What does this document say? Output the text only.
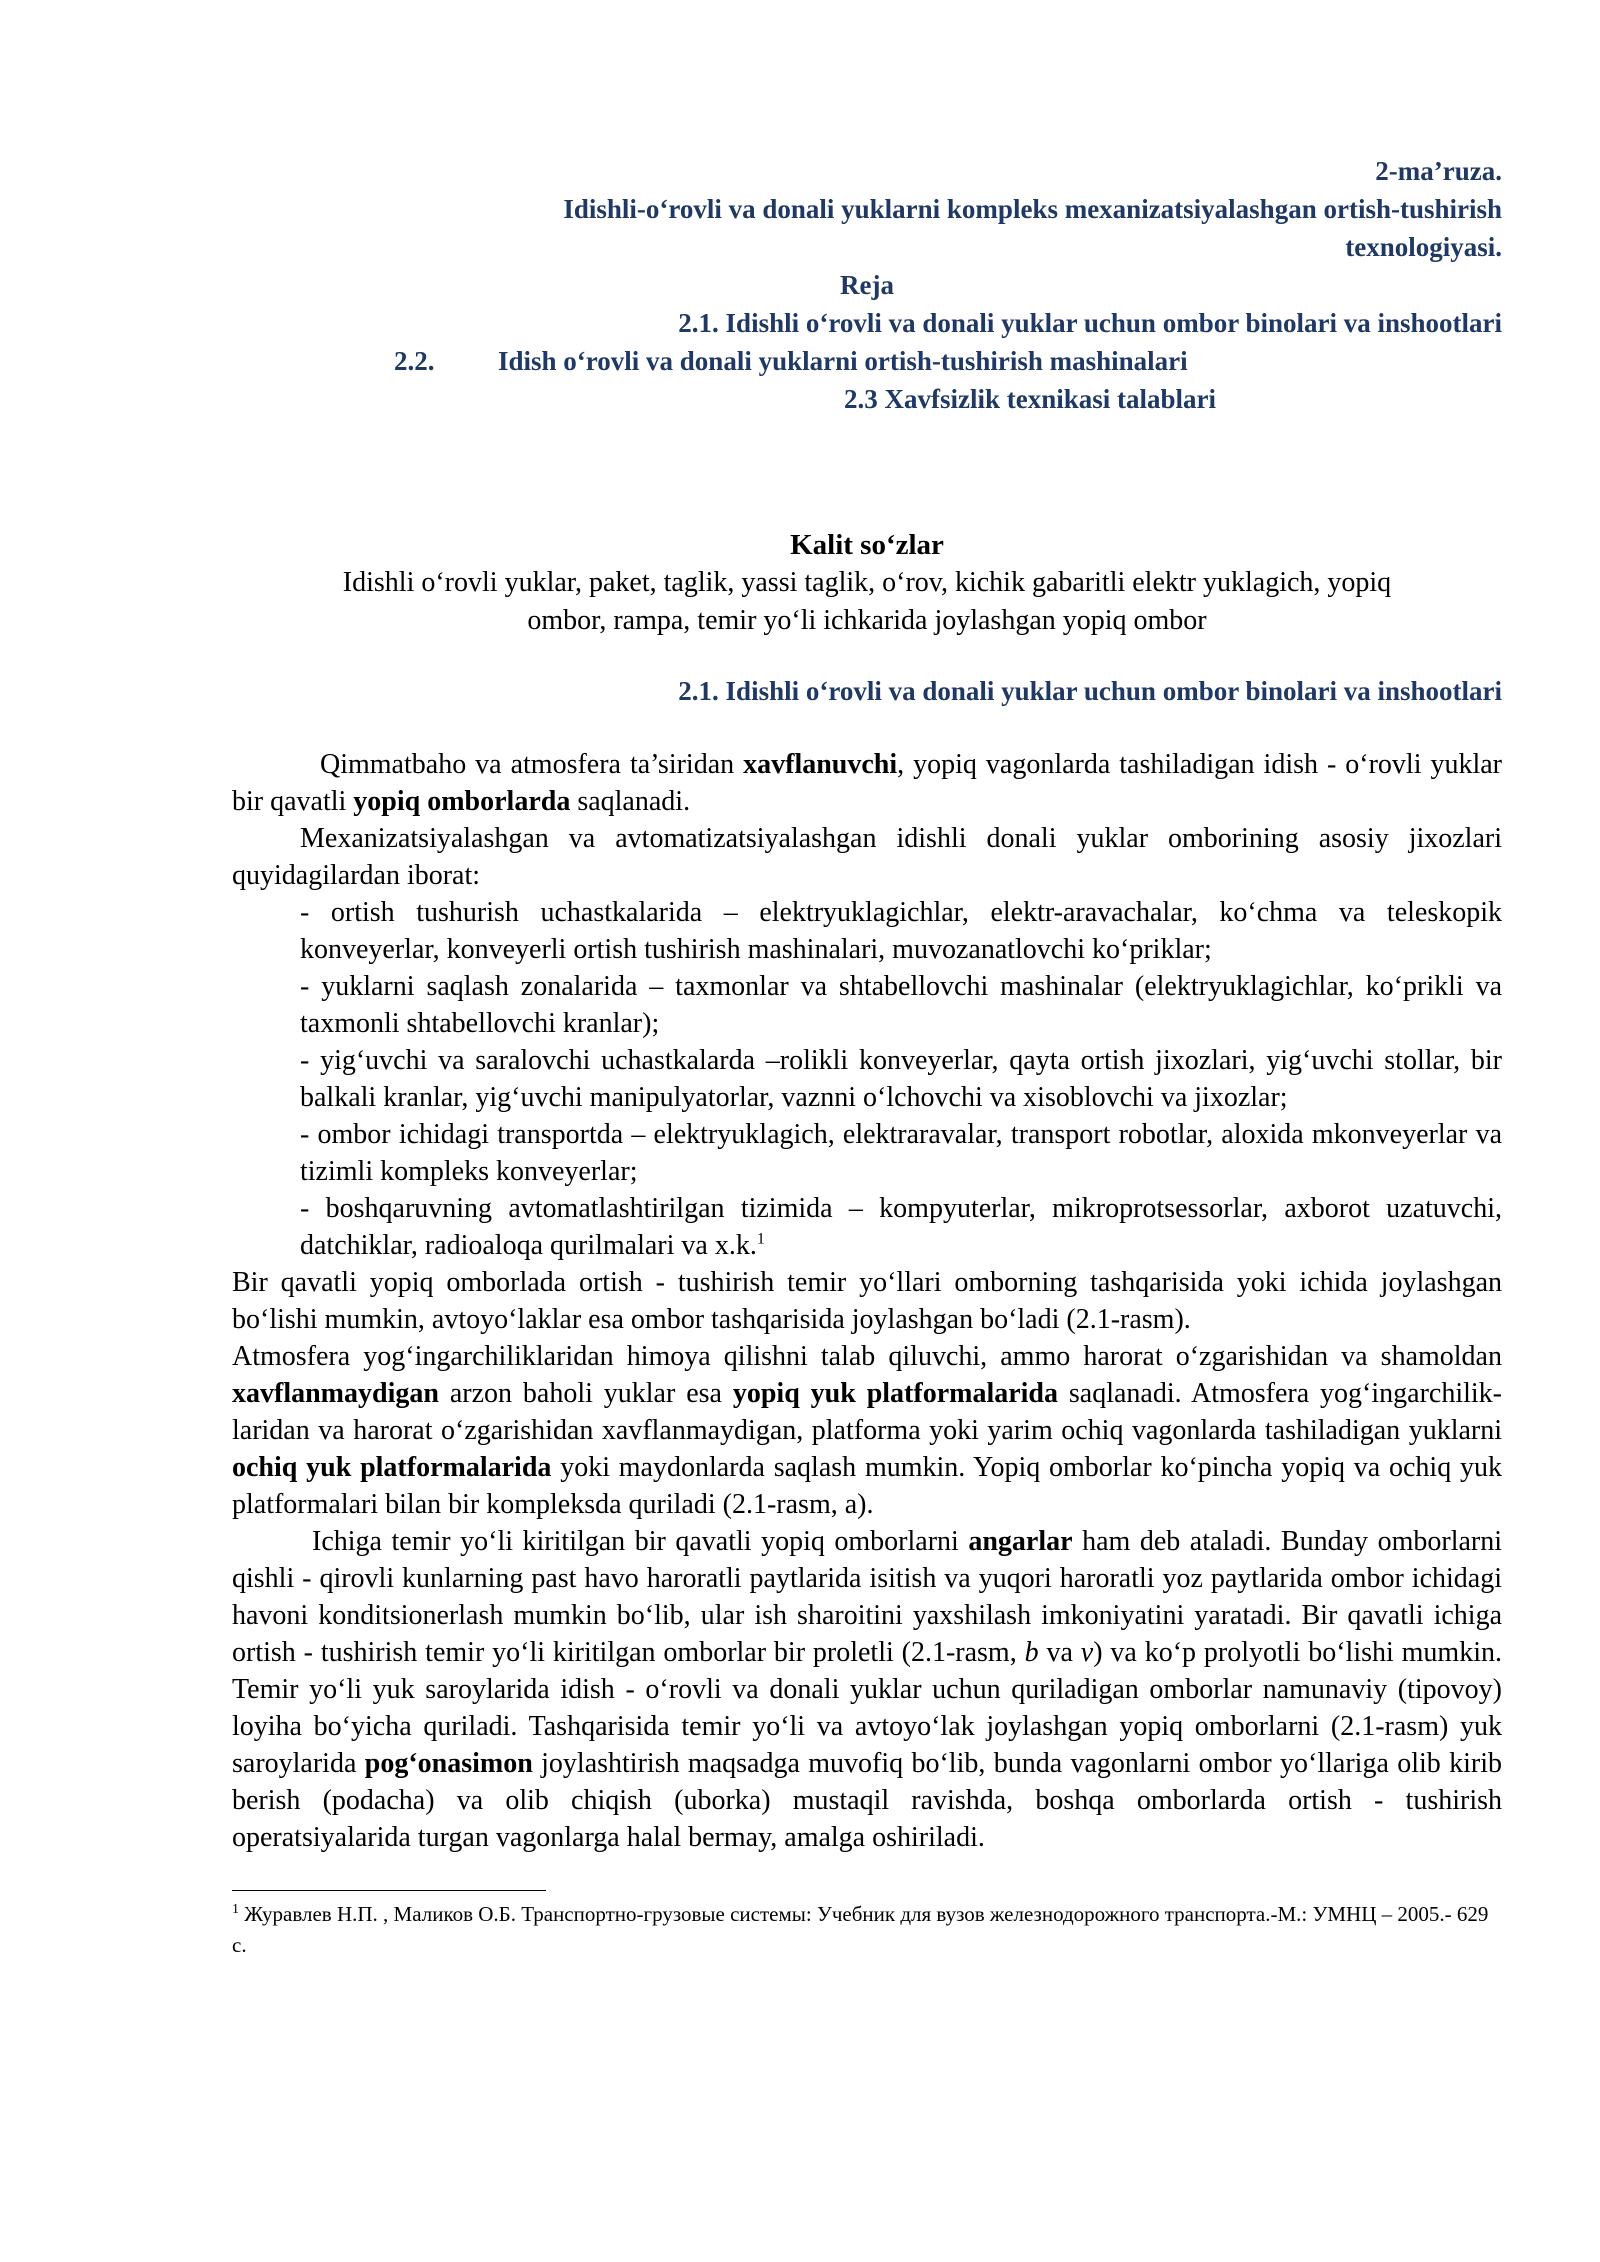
2-ma’ruza.
Idishli-o‘rovli va donali yuklarni kompleks mexanizatsiyalashgan ortish-tushirish
texnologiyasi.
Reja
2.1. Idishli o‘rovli va donali yuklar uchun ombor binolari va inshootlari
2.2. Idish o‘rovli va donali yuklarni ortish-tushirish mashinalari
2.3 Xavfsizlik texnikasi talablari
Kalit so‘zlar
Idishli o‘rovli yuklar, paket, taglik, yassi taglik, o‘rov, kichik gabaritli elektr yuklagich, yopiq
ombor, rampa, temir yo‘li ichkarida joylashgan yopiq ombor
2.1. Idishli o‘rovli va donali yuklar uchun ombor binolari va inshootlari

Qimmatbaho va atmosfera ta’siridan xavflanuvchi, yopiq vagonlarda tashiladigan idish - o‘rovli yuklar bir qavatli yopiq omborlarda saqlanadi.

Mexanizatsiyalashgan va avtomatizatsiyalashgan idishli donali yuklar omborining asosiy jixozlari quyidagilardan iborat:

- ortish tushurish uchastkalarida – elektryuklagichlar, elektr-aravachalar, ko‘chma va teleskopik konveyerlar, konveyerli ortish tushirish mashinalari, muvozanatlovchi ko‘priklar;
- yuklarni saqlash zonalarida – taxmonlar va shtabellovchi mashinalar (elektryuklagichlar, ko‘prikli va taxmonli shtabellovchi kranlar);
- yig‘uvchi va saralovchi uchastkalarda –rolikli konveyerlar, qayta ortish jixozlari, yig‘uvchi stollar, bir balkali kranlar, yig‘uvchi manipulyatorlar, vaznni o‘lchovchi va xisoblovchi va jixozlar;
- ombor ichidagi transportda – elektryuklagich, elektraravalar, transport robotlar, aloxida mkonveyerlar va tizimli kompleks konveyerlar;
- boshqaruvning avtomatlashtirilgan tizimida – kompyuterlar, mikroprotsessorlar, axborot uzatuvchi, datchiklar, radioaloqa qurilmalari va x.k.$^1$

Bir qavatli yopiq omborlada ortish - tushirish temir yo‘llari omborning tashqarisida yoki ichida joylashgan bo‘lishi mumkin, avtoyo‘laklar esa ombor tashqarisida joylashgan bo‘ladi (2.1-rasm).

Atmosfera yog‘ingarchiliklaridan himoya qilishni talab qiluvchi, ammo harorat o‘zgarishidan va shamoldan xavflanmaydigan arzon baholi yuklar esa yopiq yuk platformalarida saqlanadi. Atmosfera yog‘ingarchilik-laridan va harorat o‘zgarishidan xavflanmaydigan, platforma yoki yarim ochiq vagonlarda tashiladigan yuklarni ochiq yuk platformalarida yoki maydonlarda saqlash mumkin. Yopiq omborlar ko‘pincha yopiq va ochiq yuk platformalari bilan bir kompleksda quriladi (2.1-rasm, a).

Ichiga temir yo‘li kiritilgan bir qavatli yopiq omborlarni angarlar ham deb ataladi. Bunday omborlarni qishli - qirovli kunlarning past havo haroratli paytlarida isitish va yuqori haroratli yoz paytlarida ombor ichidagi havoni konditsionerlash mumkin bo‘lib, ular ish sharoitini yaxshilash imkoniyatini yaratadi. Bir qavatli ichiga ortish - tushirish temir yo‘li kiritilgan omborlar bir proletli (2.1-rasm, b va v) va ko‘p prolyotli bo‘lishi mumkin. Temir yo‘li yuk saroylarida idish - o‘rovli va donali yuklar uchun quriladigan omborlar namunaviy (tipovoy) loyiha bo‘yicha quriladi. Tashqarisida temir yo‘li va avtoyo‘lak joylashgan yopiq omborlarni (2.1-rasm) yuk saroylarida pog‘onasimon joylashtirish maqsadga muvofiq bo‘lib, bunda vagonlarni ombor yo‘llariga olib kirib berish (podacha) va olib chiqish (uborka) mustaqil ravishda, boshqa omborlarda ortish - tushirish operatsiyalarida turgan vagonlarga halal bermay, amalga oshiriladi.

$^1$ Журавлев Н.П. , Маликов О.Б. Транспортно-грузовые системы: Учебник для вузов железнодорожного транспорта.-М.: УМНЦ – 2005.- 629 с.
